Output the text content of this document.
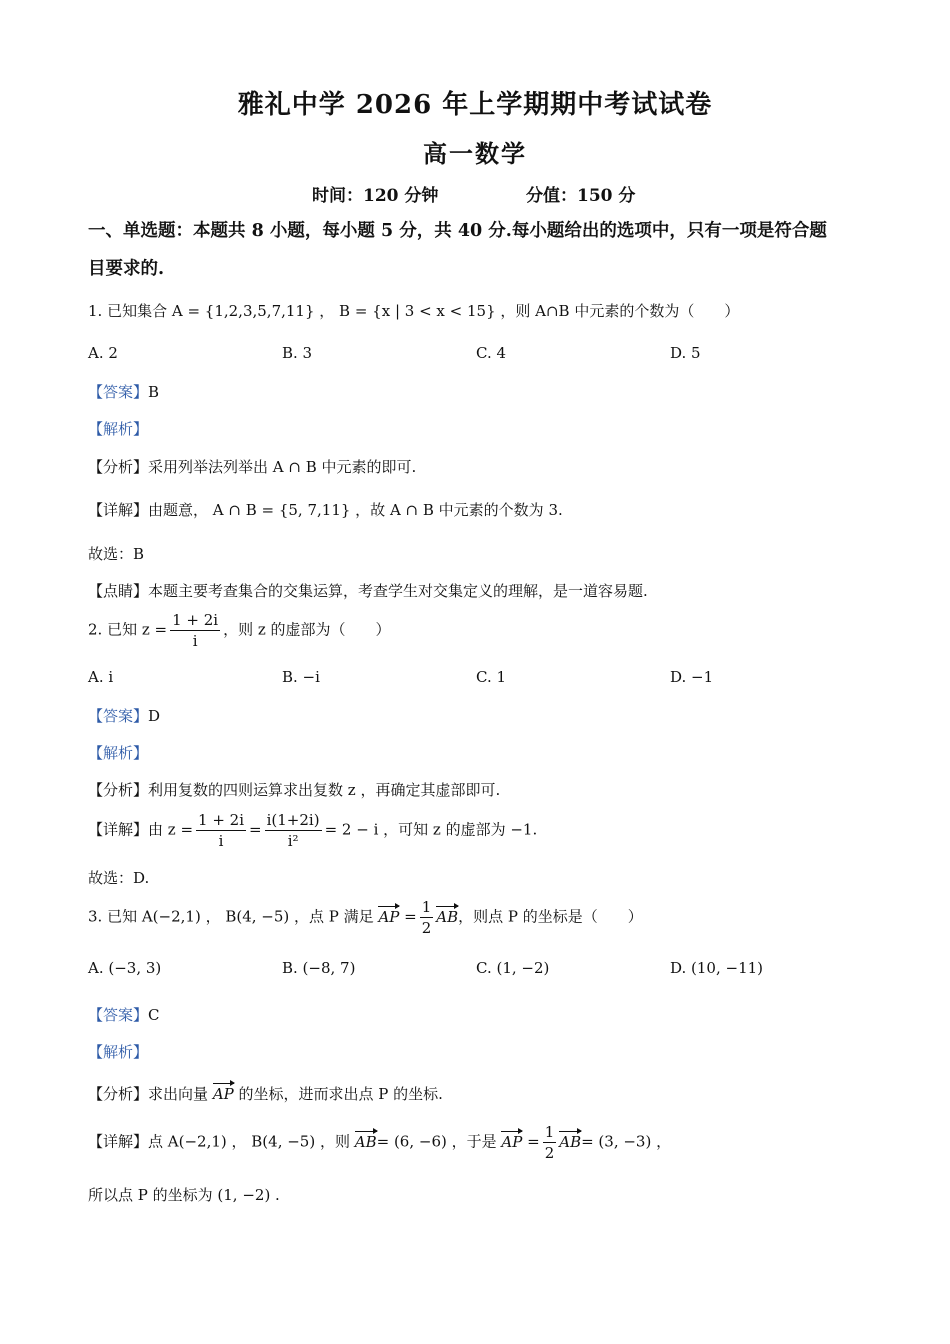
雅礼中学 2026 年上学期期中考试试卷
高一数学
时间：120 分钟	分值：150 分
一、单选题：本题共 8 小题，每小题 5 分，共 40 分.每小题给出的选项中，只有一项是符合题
目要求的.
1. 已知集合 A = {1,2,3,5,7,11} ， B = {x | 3 < x < 15} ，则 A∩B 中元素的个数为（　　）
A. 2	B. 3	C. 4	D. 5
【答案】B
【解析】
【分析】采用列举法列举出 A ∩ B 中元素的即可.
【详解】由题意， A ∩ B = {5, 7,11} ，故 A ∩ B 中元素的个数为 3.
故选：B
【点睛】本题主要考查集合的交集运算，考查学生对交集定义的理解，是一道容易题.
2. 已知 $z = \frac{1 + 2i}{i}$ ，则 z 的虚部为（　　）
A. i	B. −i	C. 1	D. −1
【答案】D
【解析】
【分析】利用复数的四则运算求出复数 z ，再确定其虚部即可.
【详解】由 $z = \frac{1 + 2i}{i} = \frac{i(1+2i)}{\text{i²}} = 2 - i$ ，可知 z 的虚部为 −1.
故选：D.
3. 已知 A(−2,1) ， B(4, −5) ，点 P 满足 AP = $\frac{1}{2}$ AB，则点 P 的坐标是（　　）
A. (−3, 3)	B. (−8, 7)	C. (1, −2)	D. (10, −11)
【答案】C
【解析】
【分析】求出向量 AP 的坐标，进而求出点 P 的坐标.
【详解】点 A(−2,1) ， B(4, −5) ，则 AB= (6, −6) ，于是 AP = $\frac{1}{2} AB= (3$, −3) ，
所以点 P 的坐标为 (1, −2) .
